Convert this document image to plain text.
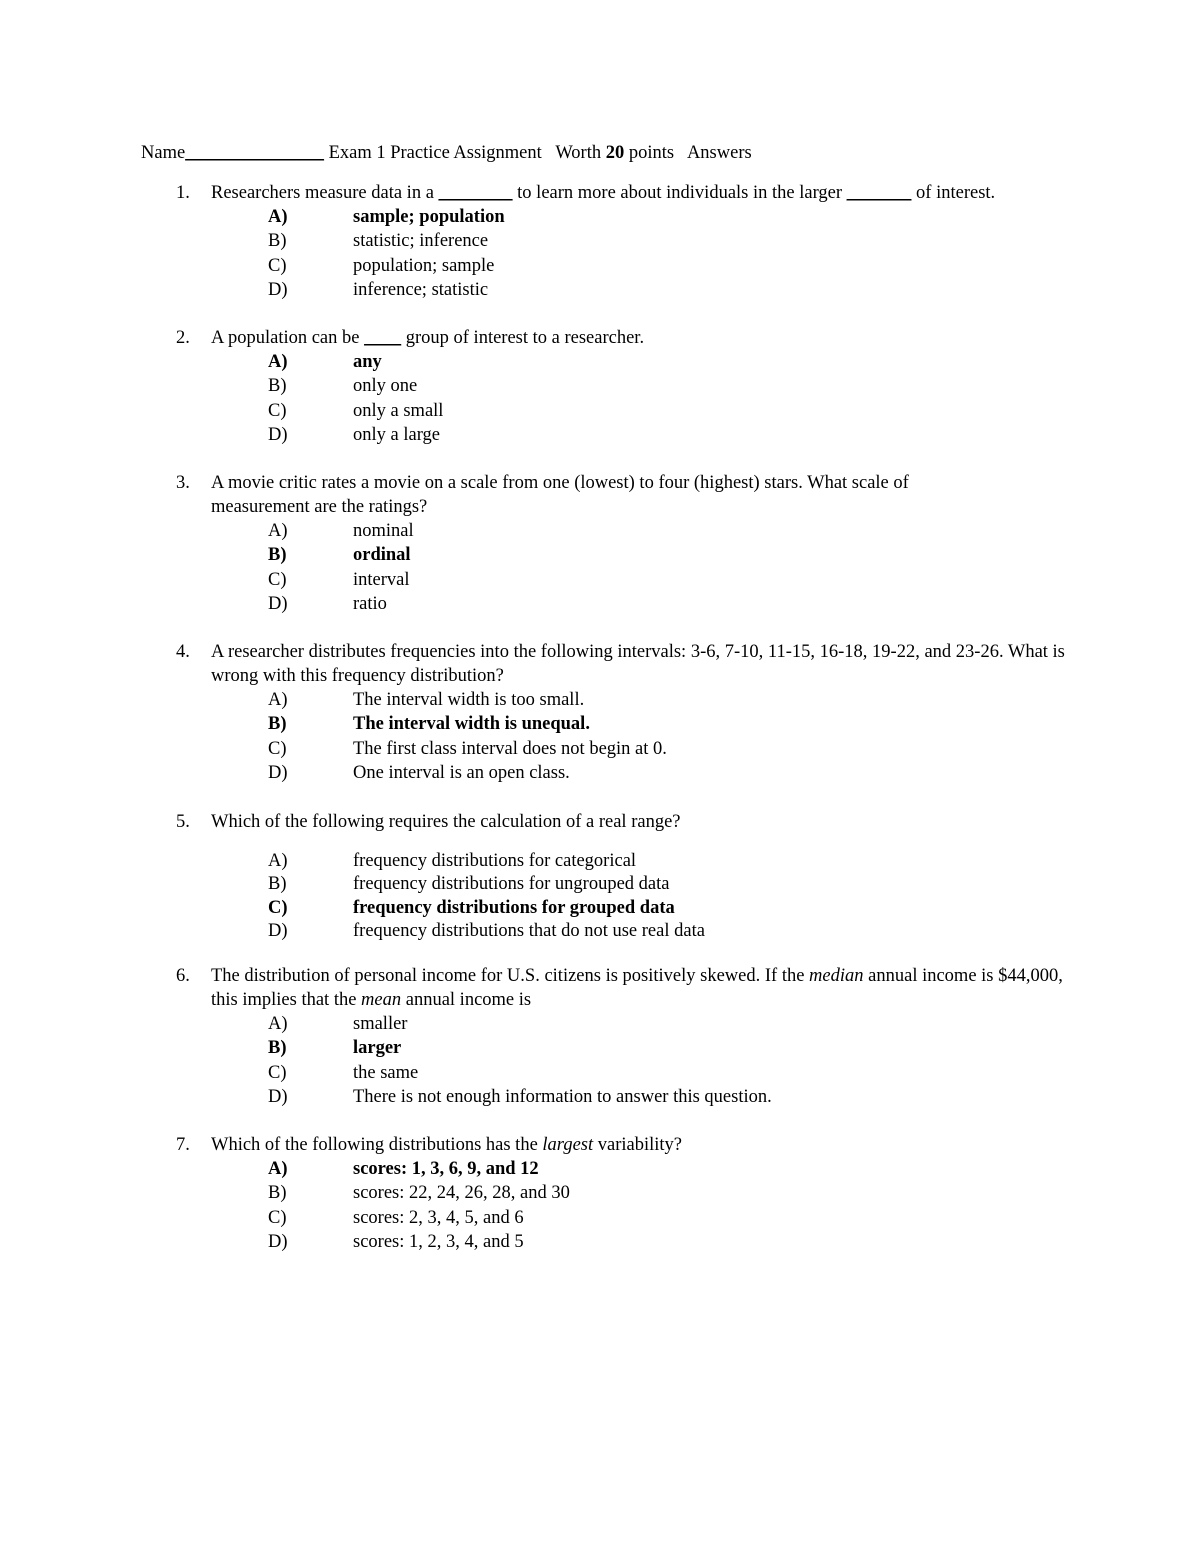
Name_______________ Exam 1 Practice Assignment   Worth 20 points   Answers
1.	Researchers measure data in a ________ to learn more about individuals in the larger _______ of interest.
A)	sample; population
B)	statistic; inference
C)	population; sample
D)	inference; statistic
2.	A population can be ____ group of interest to a researcher.
A)	any
B)	only one
C)	only a small
D)	only a large
3.	A movie critic rates a movie on a scale from one (lowest) to four (highest) stars. What scale of measurement are the ratings?
A)	nominal
B)	ordinal
C)	interval
D)	ratio
4.	A researcher distributes frequencies into the following intervals: 3-6, 7-10, 11-15, 16-18, 19-22, and 23-26. What is wrong with this frequency distribution?
A)	The interval width is too small.
B)	The interval width is unequal.
C)	The first class interval does not begin at 0.
D)	One interval is an open class.
5.	Which of the following requires the calculation of a real range?
A)	frequency distributions for categorical
B)	frequency distributions for ungrouped data
C)	frequency distributions for grouped data
D)	frequency distributions that do not use real data
6.	The distribution of personal income for U.S. citizens is positively skewed. If the median annual income is $44,000, this implies that the mean annual income is
A)	smaller
B)	larger
C)	the same
D)	There is not enough information to answer this question.
7.	Which of the following distributions has the largest variability?
A)	scores: 1, 3, 6, 9, and 12
B)	scores: 22, 24, 26, 28, and 30
C)	scores: 2, 3, 4, 5, and 6
D)	scores: 1, 2, 3, 4, and 5
